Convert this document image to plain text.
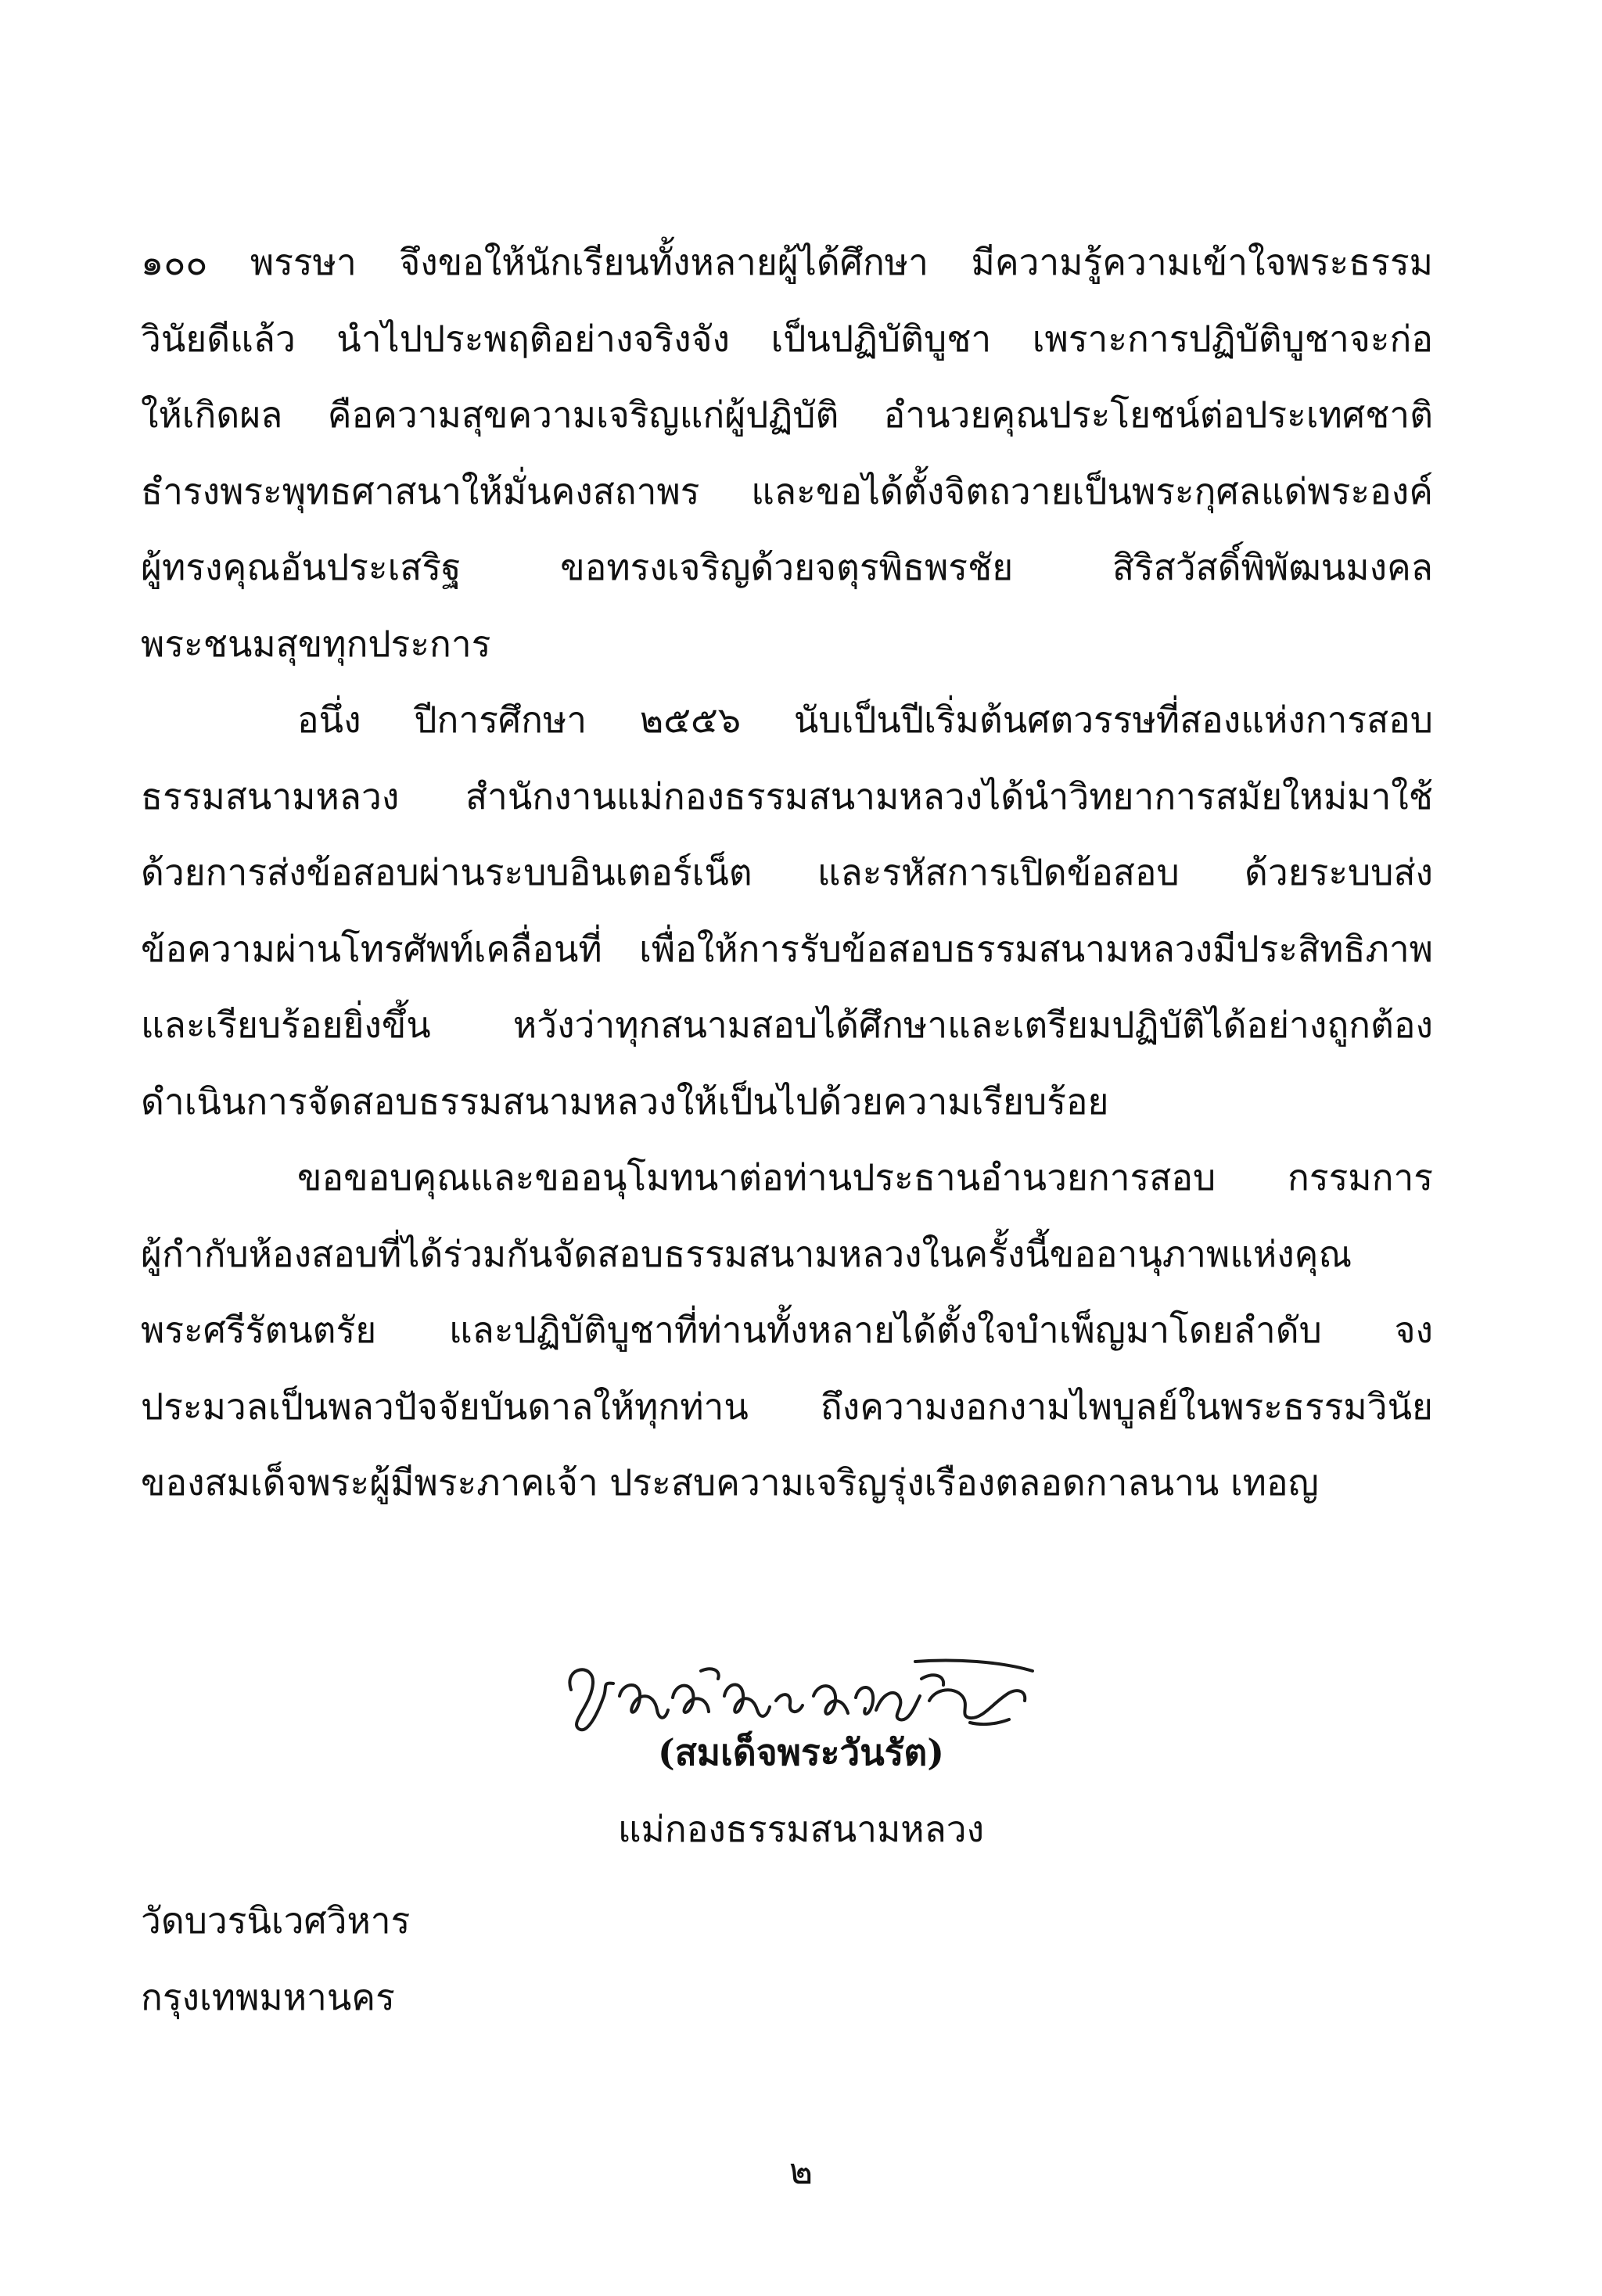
๑๐๐ พรรษา จึงขอให้นักเรียนทั้งหลายผู้ได้ศึกษา มีความรู้ความเข้าใจพระธรรม
วินัยดีแล้ว นำไปประพฤติอย่างจริงจัง เป็นปฏิบัติบูชา เพราะการปฏิบัติบูชาจะก่อ
ให้เกิดผล คือความสุขความเจริญแก่ผู้ปฏิบัติ อำนวยคุณประโยชน์ต่อประเทศชาติ
ธำรงพระพุทธศาสนาให้มั่นคงสถาพร และขอได้ตั้งจิตถวายเป็นพระกุศลแด่พระองค์
ผู้ทรงคุณอันประเสริฐ ขอทรงเจริญด้วยจตุรพิธพรชัย สิริสวัสดิ์พิพัฒนมงคล
พระชนมสุขทุกประการ
อนึ่ง ปีการศึกษา ๒๕๕๖ นับเป็นปีเริ่มต้นศตวรรษที่สองแห่งการสอบ
ธรรมสนามหลวง สำนักงานแม่กองธรรมสนามหลวงได้นำวิทยาการสมัยใหม่มาใช้
ด้วยการส่งข้อสอบผ่านระบบอินเตอร์เน็ต และรหัสการเปิดข้อสอบ ด้วยระบบส่ง
ข้อความผ่านโทรศัพท์เคลื่อนที่ เพื่อให้การรับข้อสอบธรรมสนามหลวงมีประสิทธิภาพ
และเรียบร้อยยิ่งขึ้น หวังว่าทุกสนามสอบได้ศึกษาและเตรียมปฏิบัติได้อย่างถูกต้อง
ดำเนินการจัดสอบธรรมสนามหลวงให้เป็นไปด้วยความเรียบร้อย
ขอขอบคุณและขออนุโมทนาต่อท่านประธานอำนวยการสอบ กรรมการ
ผู้กำกับห้องสอบที่ได้ร่วมกันจัดสอบธรรมสนามหลวงในครั้งนี้ขออานุภาพแห่งคุณ
พระศรีรัตนตรัย และปฏิบัติบูชาที่ท่านทั้งหลายได้ตั้งใจบำเพ็ญมาโดยลำดับ จง
ประมวลเป็นพลวปัจจัยบันดาลให้ทุกท่าน ถึงความงอกงามไพบูลย์ในพระธรรมวินัย
ของสมเด็จพระผู้มีพระภาคเจ้า ประสบความเจริญรุ่งเรืองตลอดกาลนาน เทอญ
(สมเด็จพระวันรัต)
แม่กองธรรมสนามหลวง
วัดบวรนิเวศวิหาร
กรุงเทพมหานคร
๒
